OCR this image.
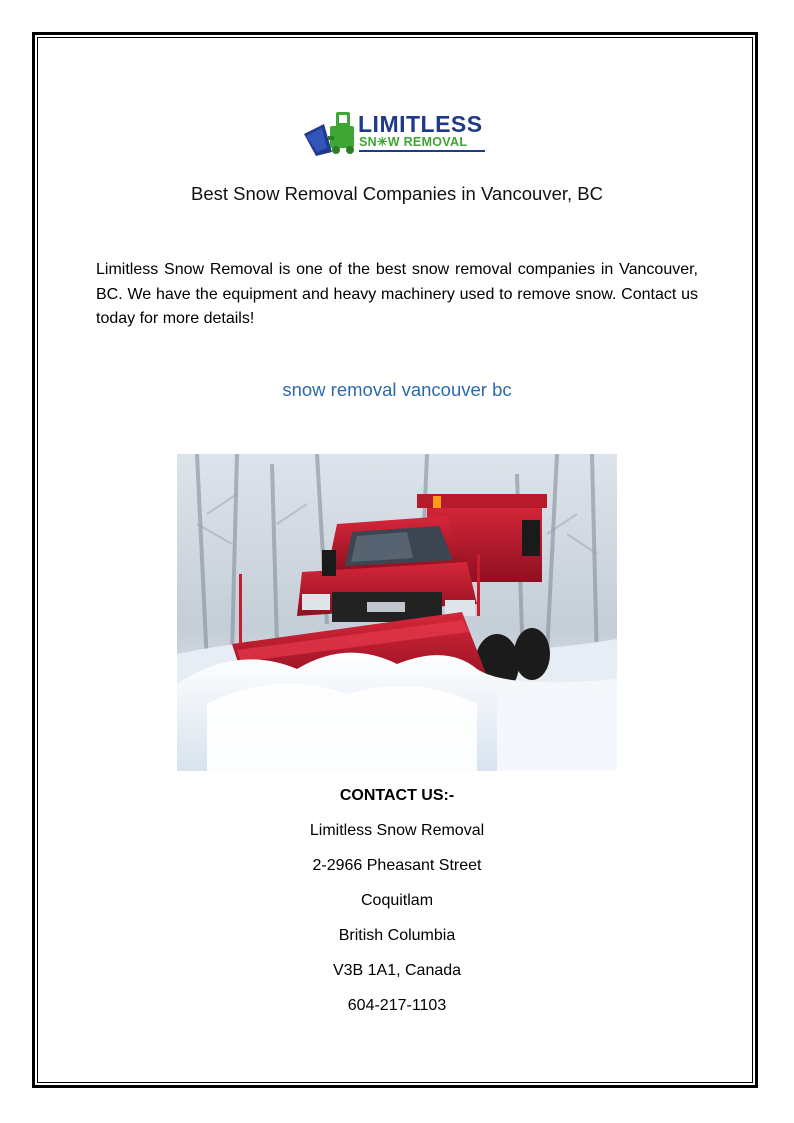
LIMITLESS
SN✳W REMOVAL
Best Snow Removal Companies in Vancouver, BC
Limitless Snow Removal is one of the best snow removal companies in Vancouver, BC. We have the equipment and heavy machinery used to remove snow. Contact us today for more details!
snow removal vancouver bc
CONTACT US:-
Limitless Snow Removal
2-2966 Pheasant Street
Coquitlam
British Columbia
V3B 1A1, Canada
604-217-1103
